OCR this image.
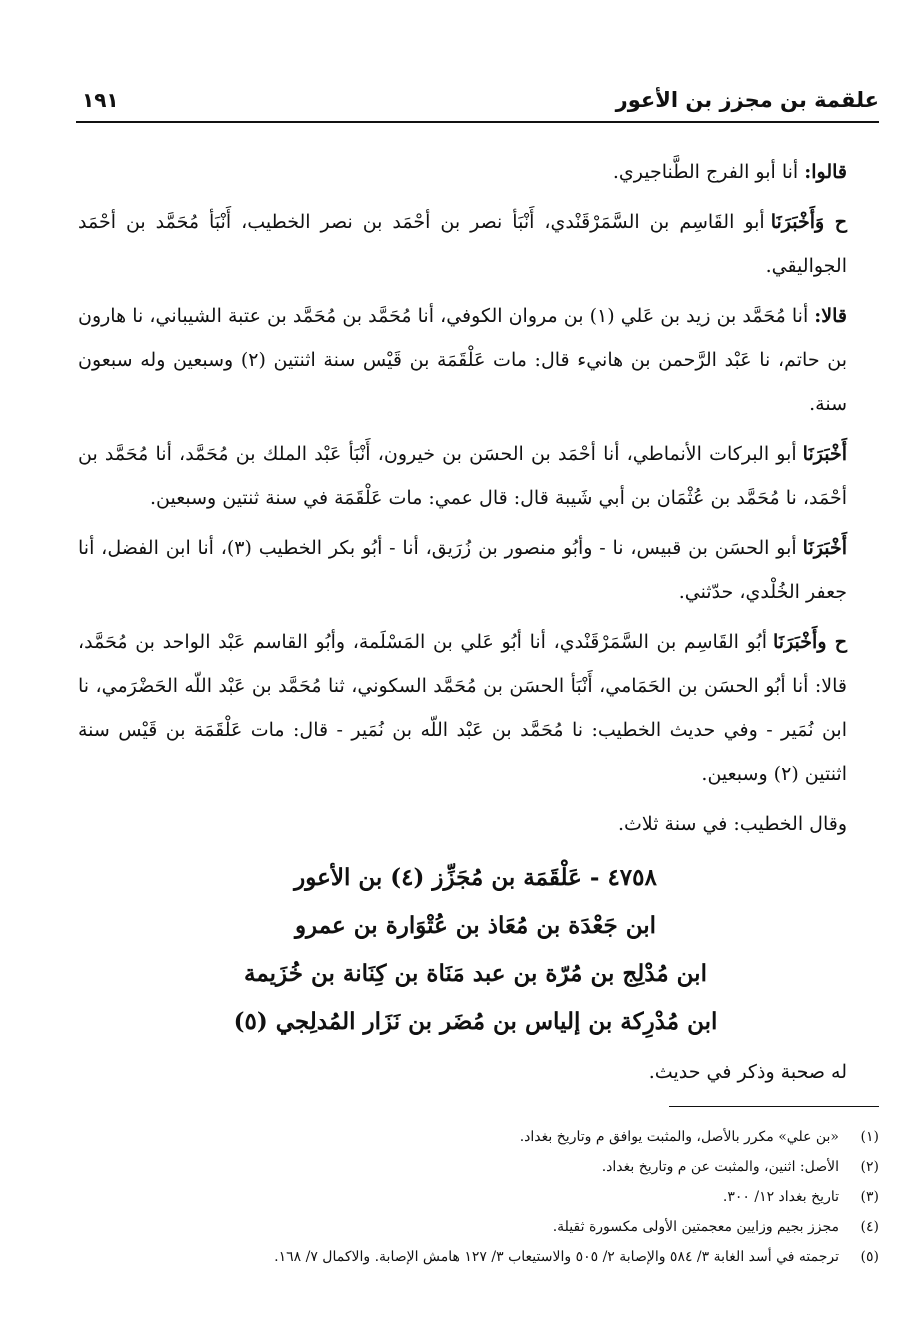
علقمة بن مجزز بن الأعور
١٩١

قالوا:أنا أبو الفرج الطَّناجيري.

ح وَأَخْبَرَنَاأبو القَاسِم بن السَّمَرْقَنْدي، أَنْبَأ نصر بن أحْمَد بن نصر الخطيب، أَنْبَأ مُحَمَّد بن أحْمَد الجواليقي.

قالا:أنا مُحَمَّد بن زيد بن عَلي (١) بن مروان الكوفي، أنا مُحَمَّد بن مُحَمَّد بن عتبة الشيباني، نا هارون بن حاتم، نا عَبْد الرَّحمن بن هانيء قال: مات عَلْقَمَة بن قَيْس سنة اثنتين (٢) وسبعين وله سبعون سنة.

أَخْبَرَنَاأبو البركات الأنماطي، أنا أحْمَد بن الحسَن بن خيرون، أَنْبَأ عَبْد الملك بن مُحَمَّد، أنا مُحَمَّد بن أحْمَد، نا مُحَمَّد بن عُثْمَان بن أبي شَيبة قال: قال عمي: مات عَلْقَمَة في سنة ثنتين وسبعين.

أَخْبَرَنَاأبو الحسَن بن قبيس، نا - وأبُو منصور بن زُرَيق، أنا - أبُو بكر الخطيب (٣)، أنا ابن الفضل، أنا جعفر الخُلْدي، حدّثني.

ح وأَخْبَرَنَاأبُو القَاسِم بن السَّمَرْقَنْدي، أنا أبُو عَلي بن المَسْلَمة، وأبُو القاسم عَبْد الواحد بن مُحَمَّد، قالا: أنا أبُو الحسَن بن الحَمَامي، أَنْبَأ الحسَن بن مُحَمَّد السكوني، ثنا مُحَمَّد بن عَبْد اللّه الحَضْرَمي، نا ابن نُمَير - وفي حديث الخطيب: نا مُحَمَّد بن عَبْد اللّه بن نُمَير - قال: مات عَلْقَمَة بن قَيْس سنة اثنتين (٢) وسبعين.

وقال الخطيب: في سنة ثلاث.

٤٧٥٨ - عَلْقَمَة بن مُجَزِّز (٤) بن الأعور
ابن جَعْدَة بن مُعَاذ بن عُتْوَارة بن عمرو
ابن مُدْلِج بن مُرّة بن عبد مَنَاة بن كِنَانة بن خُزَيمة
ابن مُدْرِكة بن إلياس بن مُضَر بن نَزَار المُدلِجي (٥)

له صحبة وذكر في حديث.

(١)
«بن علي» مكرر بالأصل، والمثبت يوافق م وتاريخ بغداد.
(٢)
الأصل: اثنين، والمثبت عن م وتاريخ بغداد.
(٣)
تاريخ بغداد ١٢/ ٣٠٠.
(٤)
مجزز بجيم وزايين معجمتين الأولى مكسورة ثقيلة.
(٥)
ترجمته في أسد الغابة ٣/ ٥٨٤ والإصابة ٢/ ٥٠٥ والاستيعاب ٣/ ١٢٧ هامش الإصابة. والاكمال ٧/ ١٦٨.
